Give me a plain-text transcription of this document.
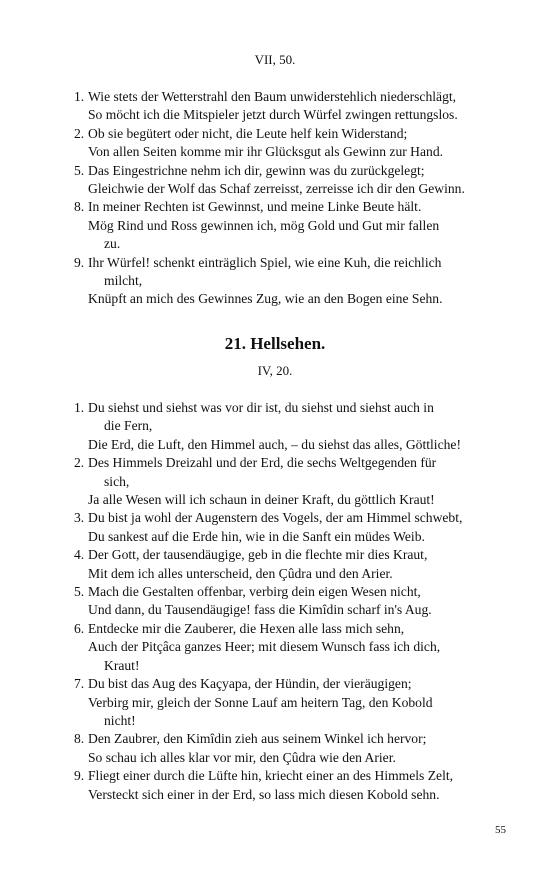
VII, 50.
1. Wie stets der Wetterstrahl den Baum unwiderstehlich niederschlägt,

So möcht ich die Mitspieler jetzt durch Würfel zwingen rettungslos.

2. Ob sie begütert oder nicht, die Leute helf kein Widerstand;

Von allen Seiten komme mir ihr Glücksgut als Gewinn zur Hand.

5. Das Eingestrichne nehm ich dir, gewinn was du zurückgelegt;

Gleichwie der Wolf das Schaf zerreisst, zerreisse ich dir den Gewinn.

8. In meiner Rechten ist Gewinnst, und meine Linke Beute hält.

Mög Rind und Ross gewinnen ich, mög Gold und Gut mir fallen

zu.

9. Ihr Würfel! schenkt einträglich Spiel, wie eine Kuh, die reichlich

milcht,

Knüpft an mich des Gewinnes Zug, wie an den Bogen eine Sehn.

21. Hellsehen.
IV, 20.
1. Du siehst und siehst was vor dir ist, du siehst und siehst auch in

die Fern,

Die Erd, die Luft, den Himmel auch, – du siehst das alles, Göttliche!

2. Des Himmels Dreizahl und der Erd, die sechs Weltgegenden für

sich,

Ja alle Wesen will ich schaun in deiner Kraft, du göttlich Kraut!

3. Du bist ja wohl der Augenstern des Vogels, der am Himmel schwebt,

Du sankest auf die Erde hin, wie in die Sanft ein müdes Weib.

4. Der Gott, der tausendäugige, geb in die flechte mir dies Kraut,

Mit dem ich alles unterscheid, den Çûdra und den Arier.

5. Mach die Gestalten offenbar, verbirg dein eigen Wesen nicht,

Und dann, du Tausendäugige! fass die Kimîdin scharf in's Aug.

6. Entdecke mir die Zauberer, die Hexen alle lass mich sehn,

Auch der Pitçâca ganzes Heer; mit diesem Wunsch fass ich dich,

Kraut!

7. Du bist das Aug des Kaçyapa, der Hündin, der vieräugigen;

Verbirg mir, gleich der Sonne Lauf am heitern Tag, den Kobold

nicht!

8. Den Zaubrer, den Kimîdin zieh aus seinem Winkel ich hervor;

So schau ich alles klar vor mir, den Çûdra wie den Arier.

9. Fliegt einer durch die Lüfte hin, kriecht einer an des Himmels Zelt,

Versteckt sich einer in der Erd, so lass mich diesen Kobold sehn.

55
